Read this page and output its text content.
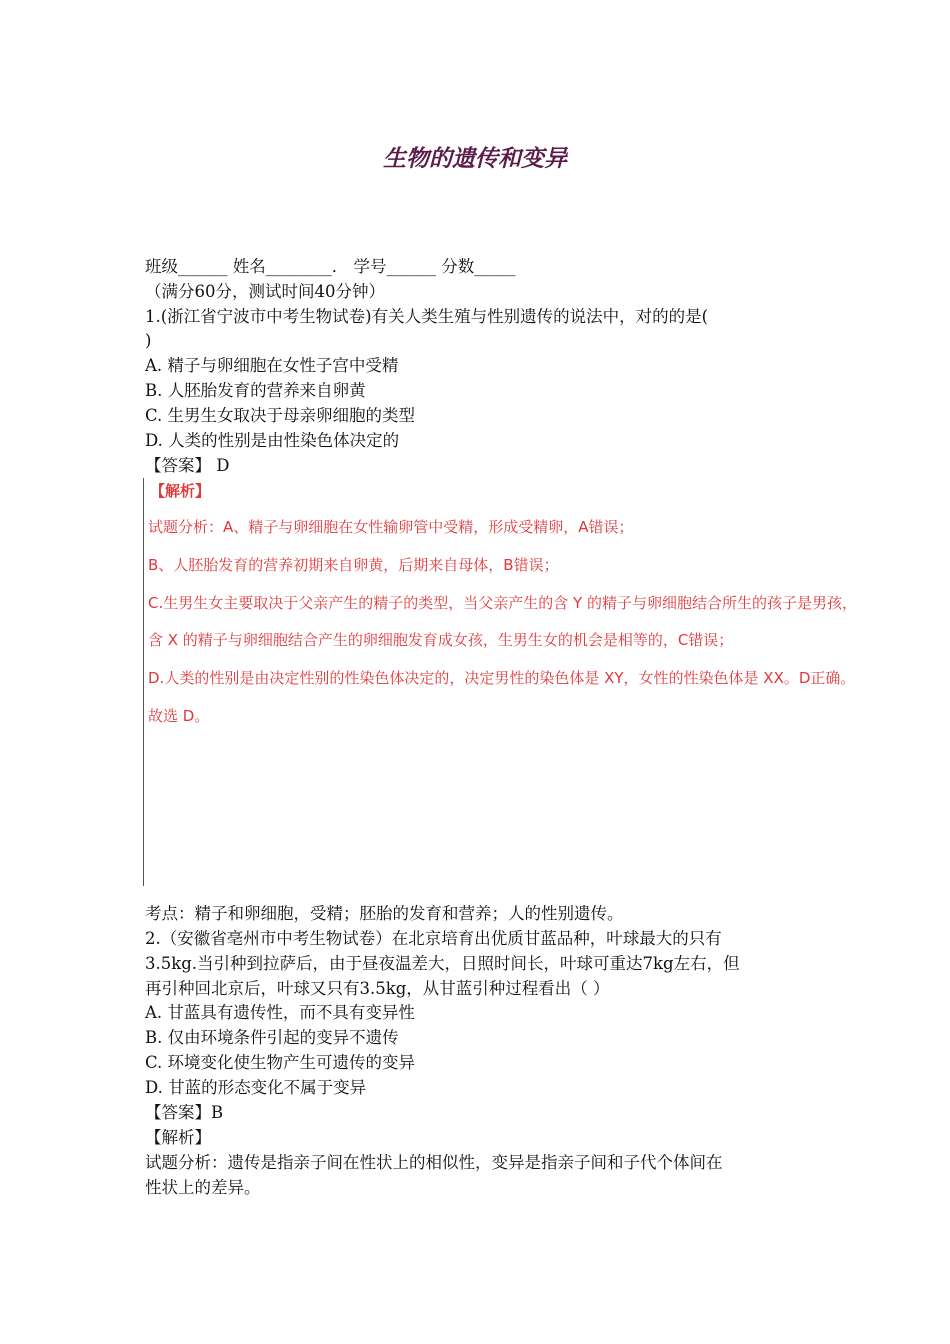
生物的遗传和变异
班级______ 姓名________． 学号______ 分数_____
（满分60分，测试时间40分钟）
1.(浙江省宁波市中考生物试卷)有关人类生殖与性别遗传的说法中，对的的是(
)
A. 精子与卵细胞在女性子宫中受精
B. 人胚胎发育的营养来自卵黄
C. 生男生女取决于母亲卵细胞的类型
D. 人类的性别是由性染色体决定的
【答案】 D
【解析】
试题分析：A、精子与卵细胞在女性输卵管中受精，形成受精卵，A错误；
B、人胚胎发育的营养初期来自卵黄，后期来自母体，B错误；
C.生男生女主要取决于父亲产生的精子的类型，当父亲产生的含 Y 的精子与卵细胞结合所生的孩子是男孩，
含 X 的精子与卵细胞结合产生的卵细胞发育成女孩，生男生女的机会是相等的，C错误；
D.人类的性别是由决定性别的性染色体决定的，决定男性的染色体是 XY，女性的性染色体是 XX。D正确。
故选 D。
考点：精子和卵细胞，受精；胚胎的发育和营养；人的性别遗传。
2.（安徽省亳州市中考生物试卷）在北京培育出优质甘蓝品种，叶球最大的只有
3.5kg.当引种到拉萨后，由于昼夜温差大，日照时间长，叶球可重达7kg左右，但
再引种回北京后，叶球又只有3.5kg，从甘蓝引种过程看出（ ）
A. 甘蓝具有遗传性，而不具有变异性
B. 仅由环境条件引起的变异不遗传
C. 环境变化使生物产生可遗传的变异
D. 甘蓝的形态变化不属于变异
【答案】B
【解析】
试题分析：遗传是指亲子间在性状上的相似性，变异是指亲子间和子代个体间在
性状上的差异。
